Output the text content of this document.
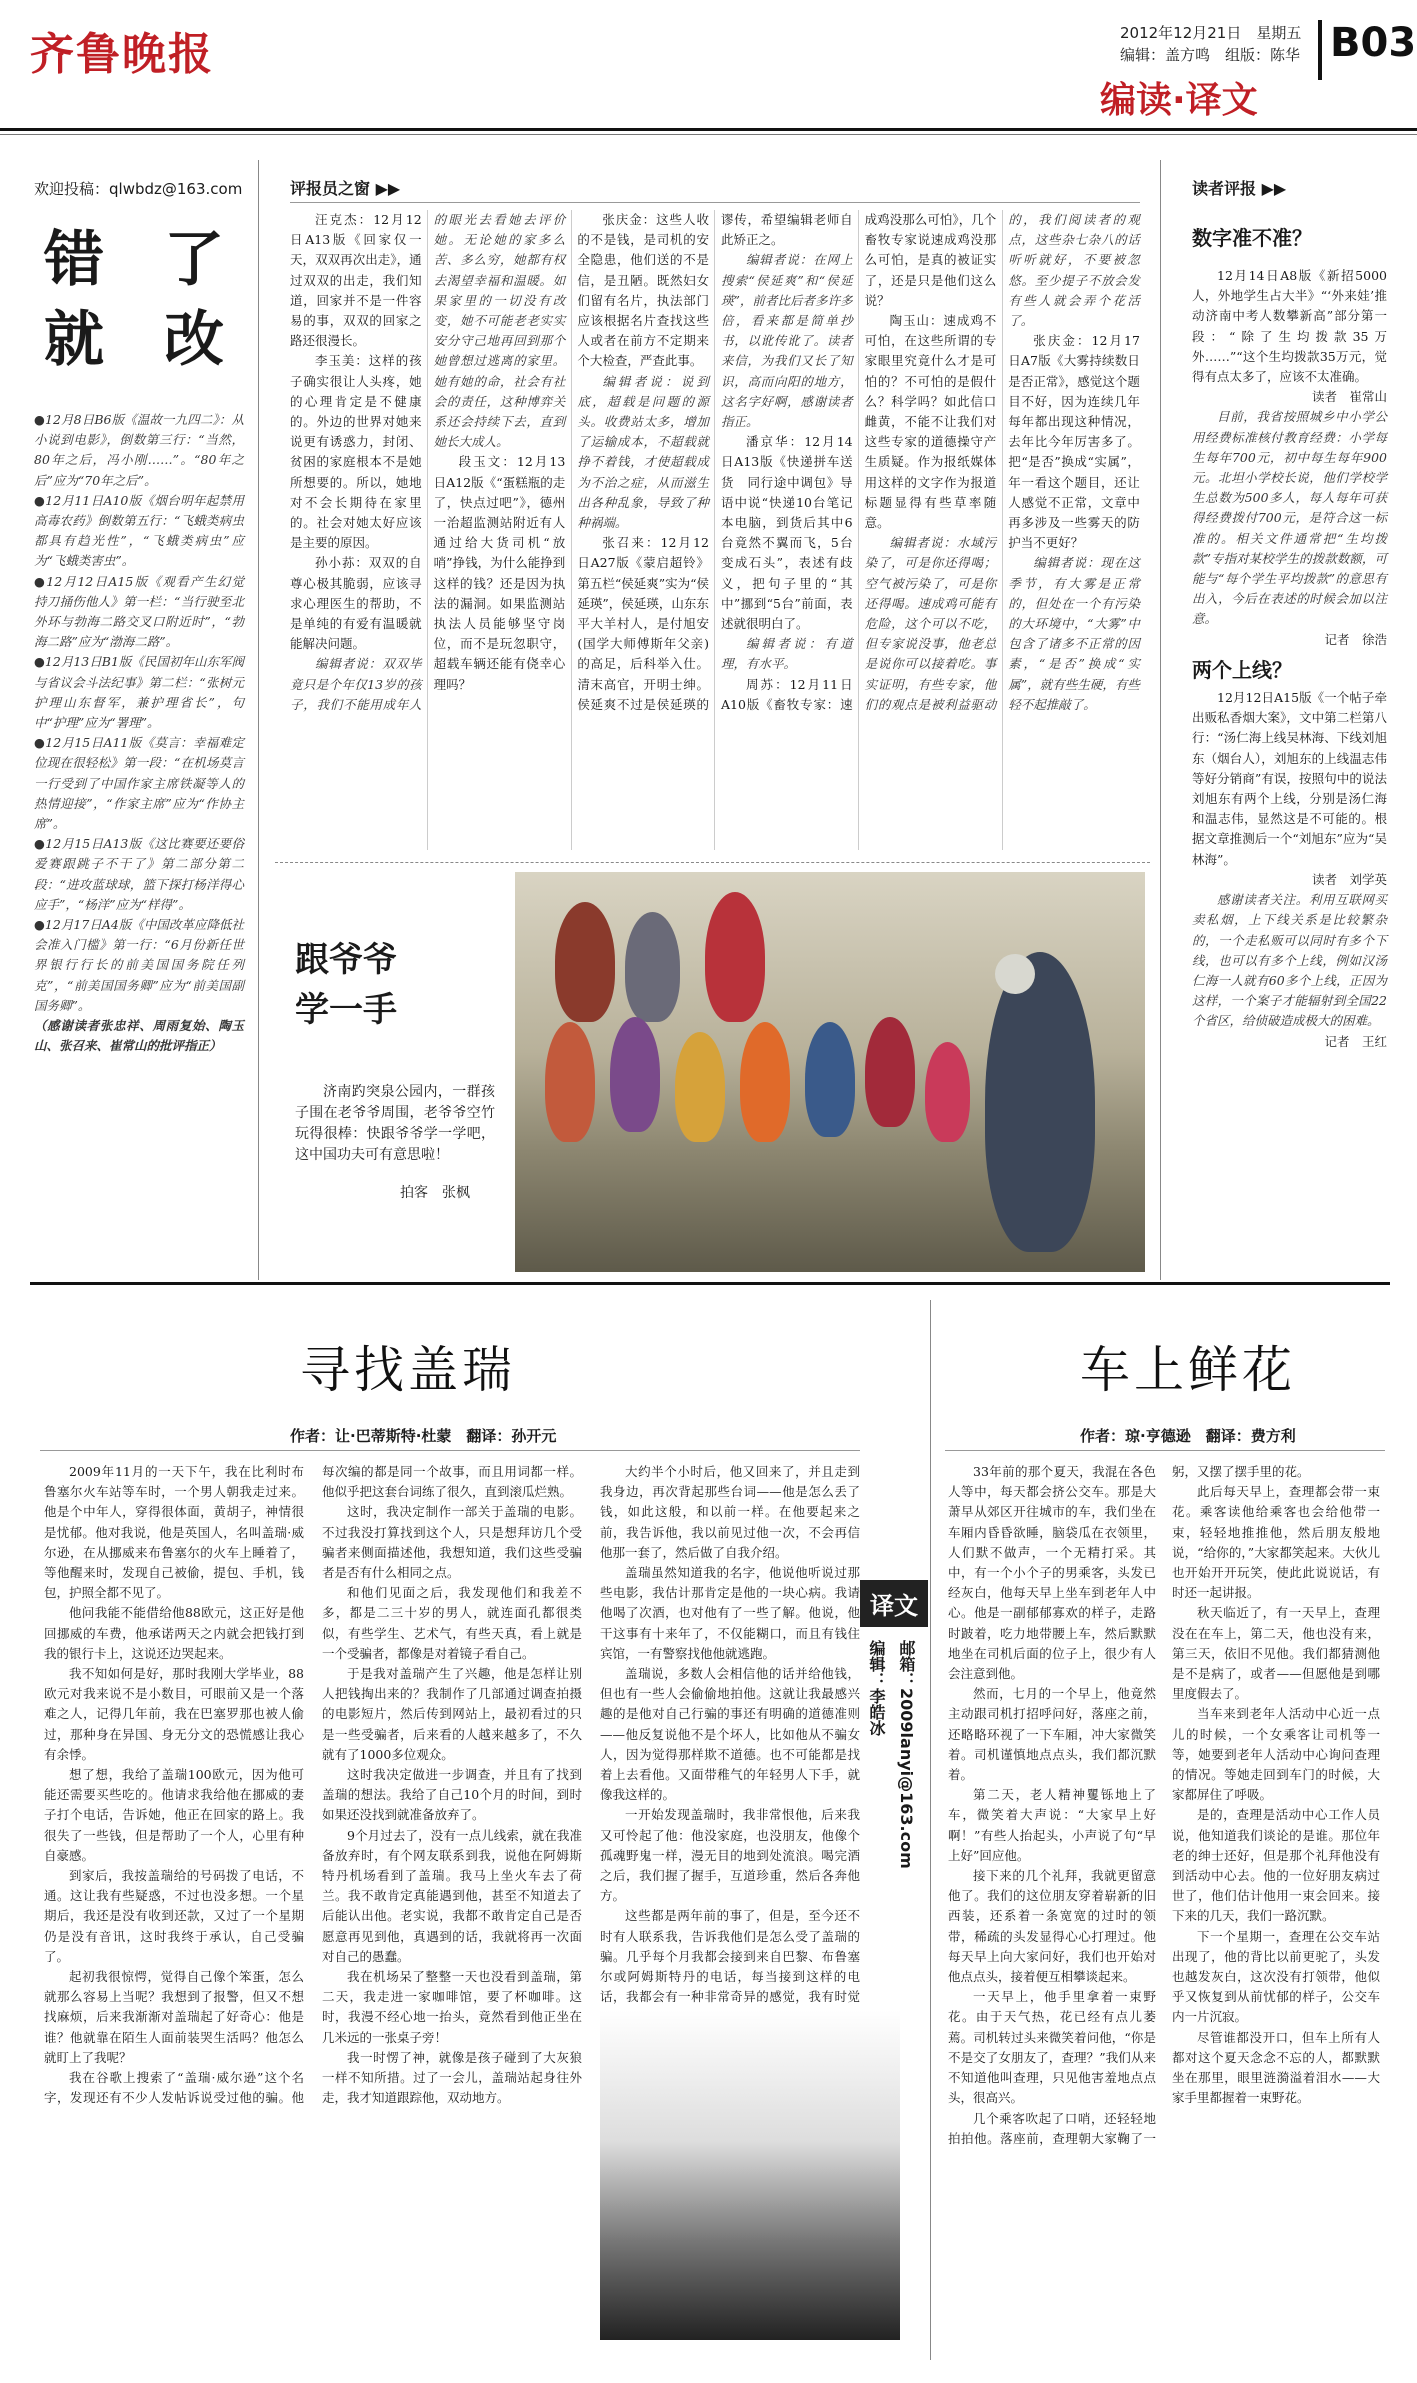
齐鲁晚报	2012年12月21日　 星期五
编辑：盖方鸣　组版：陈华 B03
编读·译文
欢迎投稿：qlwbdz@163.com
错　了
就　改

●12月8日B6版《温故一九四二》：从小说到电影》，倒数第三行：“当然，80年之后，冯小刚……”。“80年之后”应为“70年之后”。

●12月11日A10版《烟台明年起禁用高毒农药》倒数第五行：“飞蛾类病虫都具有趋光性”，“飞蛾类病虫”应为“飞蛾类害虫”。

●12月12日A15版《观看产生幻觉　持刀捅伤他人》第一栏：“当行驶至北外环与勃海二路交叉口附近时”，“勃海二路”应为“渤海二路”。

●12月13日B1版《民国初年山东军阀与省议会斗法纪事》第二栏：“张树元护理山东督军，兼护理省长”，句中“护理”应为“署理”。

●12月15日A11版《莫言：幸福难定位现在很轻松》第一段：“在机场莫言一行受到了中国作家主席铁凝等人的热情迎接”，“作家主席”应为“作协主席”。

●12月15日A13版《这比赛要还要俗　爱赛跟跳子不干了》第二部分第二段：“进攻蓝球球，篮下探打杨洋得心应手”，“杨洋”应为“样得”。

●12月17日A4版《中国改革应降低社会准入门槛》第一行：“6月份新任世界银行行长的前美国国务院任列克”，“前美国国务卿”应为“前美国副国务卿”。

（感谢读者张忠祥、周雨复始、陶玉山、张召来、崔常山的批评指正）

评报员之窗 ▶▶

汪克杰：12月12日A13版《回家仅一天，双双再次出走》，通过双双的出走，我们知道，回家并不是一件容易的事，双双的回家之路还很漫长。

李玉美：这样的孩子确实很让人头疼，她的心理肯定是不健康的。外边的世界对她来说更有诱惑力，封闭、贫困的家庭根本不是她所想要的。所以，她地对不会长期待在家里的。社会对她太好应该是主要的原因。

孙小荪：双双的自尊心极其脆弱，应该寻求心理医生的帮助，不是单纯的有爱有温暖就能解决问题。

编辑者说：双双毕竟只是个年仅13岁的孩子，我们不能用成年人的眼光去看她去评价她。无论她的家多么苦、多么穷，她都有权去渴望幸福和温暖。如果家里的一切没有改变，她不可能老老实实安分守己地再回到那个她曾想过逃离的家里。她有她的命，社会有社会的责任，这种博弈关系还会持续下去，直到她长大成人。

段玉文：12月13日A12版《“蛋糕瓶的走了，快点过吧”》，德州一治超监测站附近有人通过给大货司机“放哨”挣钱，为什么能挣到这样的钱？还是因为执法的漏洞。如果监测站执法人员能够坚守岗位，而不是玩忽职守，超载车辆还能有侥幸心理吗？

张庆金：这些人收的不是钱，是司机的安全隐患，他们送的不是信，是丑陋。既然妇女们留有名片，执法部门应该根据名片查找这些人或者在前方不定期来个大检查，严查此事。

编辑者说：说到底，超载是问题的源头。收费站太多，增加了运输成本，不超载就挣不着钱，才使超载成为不治之症，从而滋生出各种乱象，导致了种种祸端。

张召来：12月12日A27版《蒙启超铃》第五栏“侯延爽”实为“侯延瑛”，侯延瑛，山东东平大羊村人，是付旭安(国学大师傅斯年父亲)的高足，后科举入仕。清末高官，开明士绅。侯延爽不过是侯延瑛的谬传，希望编辑老师自此矫正之。

编辑者说：在网上搜索“侯延爽”和“侯延瑛”，前者比后者多许多倍，看来都是简单抄书，以讹传讹了。读者来信，为我们又长了知识，高而向阳的地方，这名字好啊，感谢读者指正。

潘京华：12月14日A13版《快递拼车送货　同行途中调包》导语中说“快递10台笔记本电脑，到货后其中6台竟然不翼而飞，5台变成石头”，表述有歧义，把句子里的“其中”挪到“5台”前面，表述就很明白了。

编辑者说：有道理，有水平。

周苏：12月11日A10版《畜牧专家：速成鸡没那么可怕》，几个畜牧专家说速成鸡没那么可怕，是真的被证实了，还是只是他们这么说？

陶玉山：速成鸡不可怕，在这些所谓的专家眼里究竟什么才是可怕的？不可怕的是假什么？科学吗？如此信口雌黄，不能不让我们对这些专家的道德操守产生质疑。作为报纸媒体用这样的文字作为报道标题显得有些草率随意。

编辑者说：水域污染了，可是你还得喝；空气被污染了，可是你还得喝。速成鸡可能有危险，这个可以不吃，但专家说没事，他老总是说你可以接着吃。事实证明，有些专家，他们的观点是被利益驱动的，我们阅读者的观点，这些杂七杂八的话听听就好，不要被忽悠。至少提子不放会发有些人就会弄个花活了。

张庆金：12月17日A7版《大雾持续数日是否正常》，感觉这个题目不好，因为连续几年每年都出现这种情况，去年比今年厉害多了。把“是否”换成“实属”，年一看这个题目，还让人感觉不正常，文章中再多涉及一些雾天的防护当不更好？

编辑者说：现在这季节，有大雾是正常的，但处在一个有污染的大环境中，“大雾”中包含了诸多不正常的因素，“是否”换成“实属”，就有些生硬，有些轻不起推敲了。

跟爷爷
学一手

济南趵突泉公园内，一群孩子围在老爷爷周围，老爷爷空竹玩得很棒：快跟爷爷学一学吧，这中国功夫可有意思啦！

拍客　张枫
读者评报 ▶▶
数字准不准？

12月14日A8版《新招5000人，外地学生占大半》“‘外来娃’推动济南中考人数攀新高”部分第一段：“除了生均拨款35万外……”“这个生均拨款35万元，觉得有点太多了，应该不太准确。

读者　崔常山

目前，我省按照城乡中小学公用经费标准核付教育经费：小学每生每年700元，初中每生每年900元。北坦小学校长说，他们学校学生总数为500多人，每人每年可获得经费拨付700元，是符合这一标准的。相关文件通常把“生均拨款”专指对某校学生的拨款数额，可能与“每个学生平均拨款”的意思有出入，今后在表述的时候会加以注意。

记者　徐浩

两个上线？

12月12日A15版《一个帖子牵出贩私香烟大案》，文中第二栏第八行：“汤仁海上线吴林海、下线刘旭东（烟台人），刘旭东的上线温志伟等好分销商”有误，按照句中的说法刘旭东有两个上线，分别是汤仁海和温志伟，显然这是不可能的。根据文章推测后一个“刘旭东”应为“吴林海”。

读者　刘学英

感谢读者关注。利用互联网买卖私烟，上下线关系是比较繁杂的，一个走私贩可以同时有多个下线，也可以有多个上线，例如汉汤仁海一人就有60多个上线，正因为这样，一个案子才能辐射到全国22个省区，给侦破造成极大的困难。

记者　王红

寻找盖瑞
作者：让·巴蒂斯特·杜蒙　翻译：孙开元

2009年11月的一天下午，我在比利时布鲁塞尔火车站等车时，一个男人朝我走过来。他是个中年人，穿得很体面，黄胡子，神情很是忧郁。他对我说，他是英国人，名叫盖瑞·威尔逊，在从挪威来布鲁塞尔的火车上睡着了，等他醒来时，发现自己被偷，提包、手机，钱包，护照全都不见了。

他问我能不能借给他88欧元，这正好是他回挪威的车费，他承诺两天之内就会把钱打到我的银行卡上，这说还边哭起来。

我不知如何是好，那时我刚大学毕业，88欧元对我来说不是小数目，可眼前又是一个落难之人，记得几年前，我在巴塞罗那也被人偷过，那种身在异国、身无分文的恐慌感让我心有余悸。

想了想，我给了盖瑞100欧元，因为他可能还需要买些吃的。他请求我给他在挪威的妻子打个电话，告诉她，他正在回家的路上。我很失了一些钱，但是帮助了一个人，心里有种自豪感。

到家后，我按盖瑞给的号码拨了电话，不通。这让我有些疑惑，不过也没多想。一个星期后，我还是没有收到还款，又过了一个星期仍是没有音讯，这时我终于承认，自己受骗了。

起初我很惊愕，觉得自己像个笨蛋，怎么就那么容易上当呢？我想到了报警，但又不想找麻烦，后来我渐渐对盖瑞起了好奇心：他是谁？他就靠在陌生人面前装哭生活吗？他怎么就盯上了我呢？

我在谷歌上搜索了“盖瑞·威尔逊”这个名字，发现还有不少人发帖诉说受过他的骗。他每次编的都是同一个故事，而且用词都一样。他似乎把这套台词练了很久，直到滚瓜烂熟。

这时，我决定制作一部关于盖瑞的电影。不过我没打算找到这个人，只是想拜访几个受骗者来侧面描述他，我想知道，我们这些受骗者是否有什么相同之点。

和他们见面之后，我发现他们和我差不多，都是二三十岁的男人，就连面孔都很类似，有些学生、艺术气，有些天真，看上就是一个受骗者，都像是对着镜子看自己。

于是我对盖瑞产生了兴趣，他是怎样让别人把钱掏出来的？我制作了几部通过调查拍摄的电影短片，然后传到网站上，最初看过的只是一些受骗者，后来看的人越来越多了，不久就有了1000多位观众。

这时我决定做进一步调查，并且有了找到盖瑞的想法。我给了自己10个月的时间，到时如果还没找到就准备放弃了。

9个月过去了，没有一点儿线索，就在我准备放弃时，有个网友联系到我，说他在阿姆斯特丹机场看到了盖瑞。我马上坐火车去了荷兰。我不敢肯定真能遇到他，甚至不知道去了后能认出他。老实说，我都不敢肯定自己是否愿意再见到他，真遇到的话，我就将再一次面对自己的愚蠢。

我在机场呆了整整一天也没看到盖瑞，第二天，我走进一家咖啡馆，要了杯咖啡。这时，我漫不经心地一抬头，竟然看到他正坐在几米远的一张桌子旁！

我一时愣了神，就像是孩子碰到了大灰狼一样不知所措。过了一会儿，盖瑞站起身往外走，我才知道跟踪他，双动地方。

大约半个小时后，他又回来了，并且走到我身边，再次背起那些台词——他是怎么丢了钱，如此这般，和以前一样。在他要起来之前，我告诉他，我以前见过他一次，不会再信他那一套了，然后做了自我介绍。

盖瑞虽然知道我的名字，他说他听说过那些电影，我估计那肯定是他的一块心病。我请他喝了次酒，也对他有了一些了解。他说，他干这事有十来年了，不仅能糊口，而且有钱住宾馆，一有警察找他他就逃跑。

盖瑞说，多数人会相信他的话并给他钱，但也有一些人会偷偷地拍他。这就让我最感兴趣的是他对自己行骗的事还有明确的道德准则——他反复说他不是个坏人，比如他从不骗女人，因为觉得那样欺不道德。也不可能都是找着上去看他。又面带稚气的年轻男人下手，就像我这样的。

一开始发现盖瑞时，我非常恨他，后来我又可怜起了他：他没家庭，也没朋友，他像个孤魂野鬼一样，漫无目的地到处流浪。喝完酒之后，我们握了握手，互道珍重，然后各奔他方。

这些都是两年前的事了，但是，至今还不时有人联系我，告诉我他们是怎么受了盖瑞的骗。几乎每个月我都会接到来自巴黎、布鲁塞尔或阿姆斯特丹的电话，每当接到这样的电话，我都会有一种非常奇异的感觉，我有时觉

译文
编辑：李皓冰 邮箱：2009lanyi@163.com
车上鲜花
作者：琼·亨德逊　翻译：费方利

33年前的那个夏天，我混在各色人等中，每天都会挤公交车。那是大萧早从郊区开往城市的车，我们坐在车厢内昏昏欲睡，脑袋瓜在衣领里，人们默不做声，一个无精打采。其中，有一个小个子的男乘客，头发已经灰白，他每天早上坐车到老年人中心。他是一副郁郁寡欢的样子，走路时跛着，吃力地带腰上车，然后默默地坐在司机后面的位子上，很少有人会注意到他。

然而，七月的一个早上，他竟然主动跟司机打招呼问好，落座之前，还略略环视了一下车厢，冲大家微笑着。司机谨慎地点点头，我们都沉默着。

第二天，老人精神矍铄地上了车，微笑着大声说：“大家早上好啊！”有些人抬起头，小声说了句“早上好”回应他。

接下来的几个礼拜，我就更留意他了。我们的这位朋友穿着崭新的旧西装，还系着一条宽宽的过时的领带，稀疏的头发显得心心打理过。他每天早上向大家问好，我们也开始对他点点头，接着便互相攀谈起来。

一天早上，他手里拿着一束野花。由于天气热，花已经有点儿萎蔫。司机转过头来微笑着问他，“你是不是交了女朋友了，查理？”我们从来不知道他叫查理，只见他害羞地点点头，很高兴。

几个乘客吹起了口哨，还轻轻地拍拍他。落座前，查理朝大家鞠了一躬，又摆了摆手里的花。

此后每天早上，查理都会带一束花。乘客读他给乘客也会给他带一束，轻轻地推推他，然后朋友般地说，“给你的，”大家都笑起来。大伙儿也开始开开玩笑，使此此说说话，有时还一起讲报。

秋天临近了，有一天早上，查理没在在车上，第二天，他也没有来，第三天，依旧不见他。我们都猜测他是不是病了，或者——但愿他是到哪里度假去了。

当车来到老年人活动中心近一点儿的时候，一个女乘客让司机等一等，她要到老年人活动中心询问查理的情况。等她走回到车门的时候，大家都屏住了呼吸。

是的，查理是活动中心工作人员说，他知道我们谈论的是谁。那位年老的绅士还好，但是那个礼拜他没有到活动中心去。他的一位好朋友病过世了，他们估计他用一束会回来。接下来的几天，我们一路沉默。

下一个星期一，查理在公交车站出现了，他的背比以前更驼了，头发也越发灰白，这次没有打领带，他似乎又恢复到从前忧郁的样子，公交车内一片沉寂。

尽管谁都没开口，但车上所有人都对这个夏天念念不忘的人，都默默坐在那里，眼里涟漪溢着泪水——大家手里都握着一束野花。
